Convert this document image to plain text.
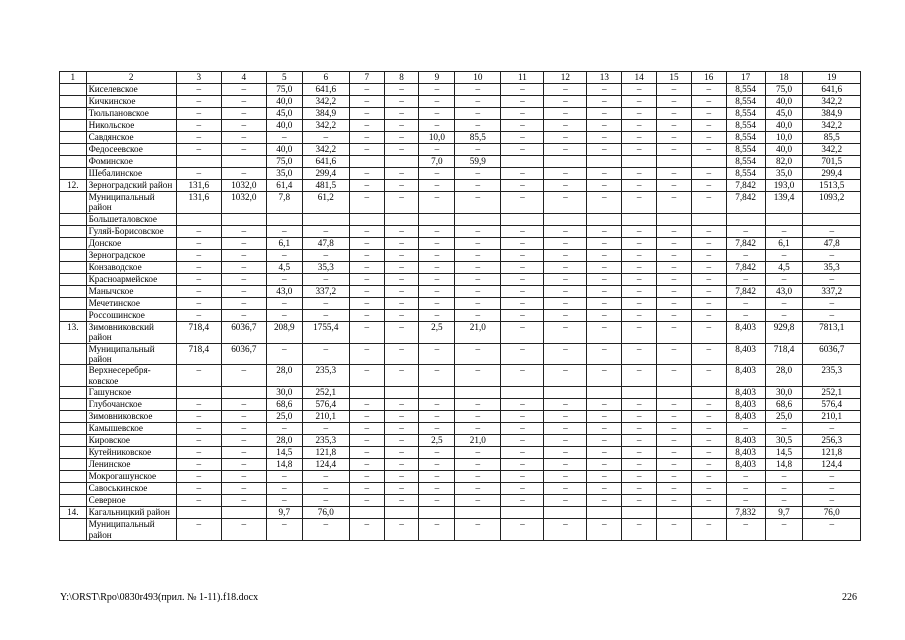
1	2	3	4	5	6	7	8	9	10	11	12	13	14	15	16	17	18	19
	Киселевское	–	–	75,0	641,6	–	–	–	–	–	–	–	–	–	–	8,554	75,0	641,6
	Кичкинское	–	–	40,0	342,2	–	–	–	–	–	–	–	–	–	–	8,554	40,0	342,2
	Тюльпановское	–	–	45,0	384,9	–	–	–	–	–	–	–	–	–	–	8,554	45,0	384,9
	Никольское	–	–	40,0	342,2	–	–	–	–	–	–	–	–	–	–	8,554	40,0	342,2
	Савдянское	–	–	–	–	–	–	10,0	85,5	–	–	–	–	–	–	8,554	10,0	85,5
	Федосеевское	–	–	40,0	342,2	–	–	–	–	–	–	–	–	–	–	8,554	40,0	342,2
	Фоминское			75,0	641,6			7,0	59,9							8,554	82,0	701,5
	Шебалинское	–	–	35,0	299,4	–	–	–	–	–	–	–	–	–	–	8,554	35,0	299,4
12.	Зерноградский район	131,6	1032,0	61,4	481,5	–	–	–	–	–	–	–	–	–	–	7,842	193,0	1513,5
	Муниципальный район	131,6	1032,0	7,8	61,2	–	–	–	–	–	–	–	–	–	–	7,842	139,4	1093,2
	Большеталовское																	
	Гуляй-Борисовское	–	–	–	–	–	–	–	–	–	–	–	–	–	–	–	–	–
	Донское	–	–	6,1	47,8	–	–	–	–	–	–	–	–	–	–	7,842	6,1	47,8
	Зерноградское	–	–	–	–	–	–	–	–	–	–	–	–	–	–	–	–	–
	Конзаводское	–	–	4,5	35,3	–	–	–	–	–	–	–	–	–	–	7,842	4,5	35,3
	Красноармейское	–	–	–	–	–	–	–	–	–	–	–	–	–	–	–	–	–
	Манычское	–	–	43,0	337,2	–	–	–	–	–	–	–	–	–	–	7,842	43,0	337,2
	Мечетинское	–	–	–	–	–	–	–	–	–	–	–	–	–	–	–	–	–
	Россошинское	–	–	–	–	–	–	–	–	–	–	–	–	–	–	–	–	–
13.	Зимовниковский район	718,4	6036,7	208,9	1755,4	–	–	2,5	21,0	–	–	–	–	–	–	8,403	929,8	7813,1
	Муниципальный район	718,4	6036,7	–	–	–	–	–	–	–	–	–	–	–	–	8,403	718,4	6036,7
	Верхнесеребря-ковское	–	–	28,0	235,3	–	–	–	–	–	–	–	–	–	–	8,403	28,0	235,3
	Гашунское			30,0	252,1											8,403	30,0	252,1
	Глубочанское	–	–	68,6	576,4	–	–	–	–	–	–	–	–	–	–	8,403	68,6	576,4
	Зимовниковское	–	–	25,0	210,1	–	–	–	–	–	–	–	–	–	–	8,403	25,0	210,1
	Камышевское	–	–	–	–	–	–	–	–	–	–	–	–	–	–	–	–	–
	Кировское	–	–	28,0	235,3	–	–	2,5	21,0	–	–	–	–	–	–	8,403	30,5	256,3
	Кутейниковское	–	–	14,5	121,8	–	–	–	–	–	–	–	–	–	–	8,403	14,5	121,8
	Ленинское	–	–	14,8	124,4	–	–	–	–	–	–	–	–	–	–	8,403	14,8	124,4
	Мокрогашунское	–	–	–	–	–	–	–	–	–	–	–	–	–	–	–	–	–
	Савоськинское	–	–	–	–	–	–	–	–	–	–	–	–	–	–	–	–	–
	Северное	–	–	–	–	–	–	–	–	–	–	–	–	–	–	–	–	–
14.	Кагальницкий район			9,7	76,0											7,832	9,7	76,0
	Муниципальный район	–	–	–	–	–	–	–	–	–	–	–	–	–	–	–	–	–
Y:\ORST\Rpo\0830r493(прил. № 1-11).f18.docx	226
